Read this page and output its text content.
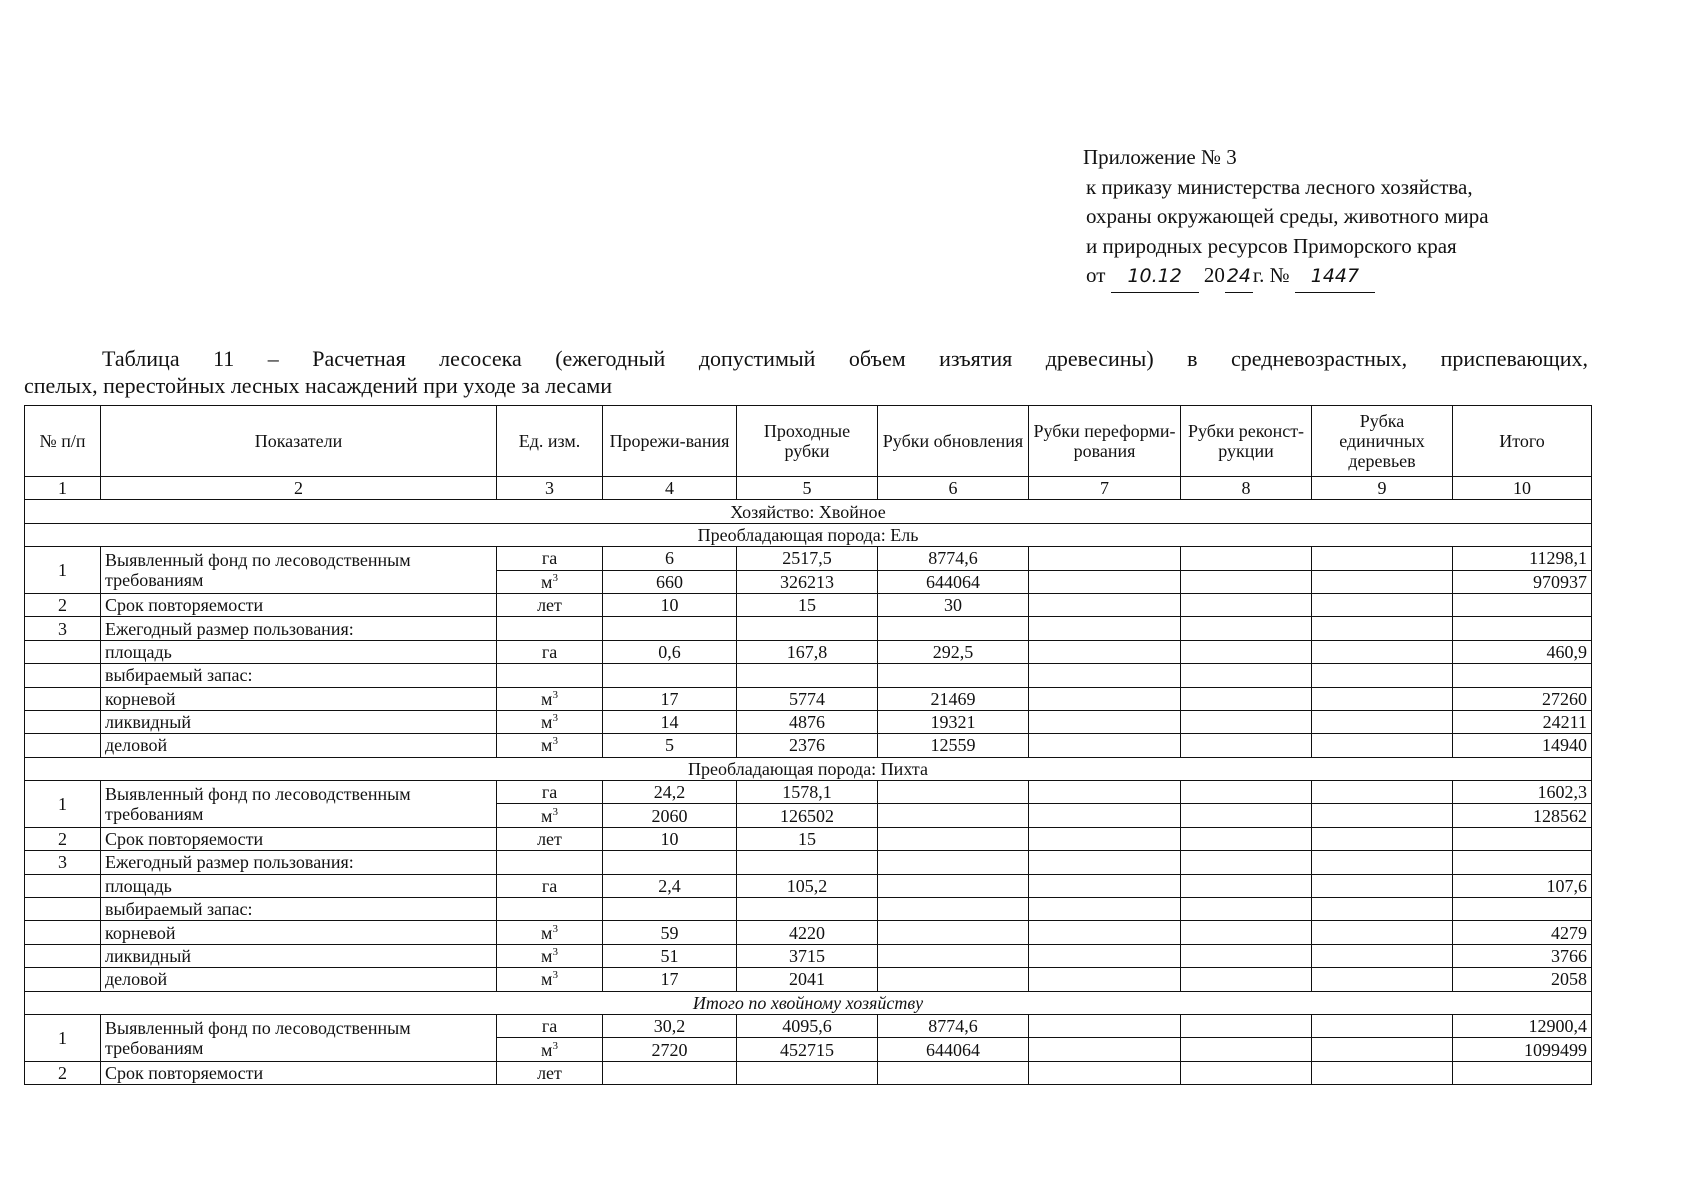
Приложение № 3
к приказу министерства лесного хозяйства,
охраны окружающей среды, животного мира
и природных ресурсов Приморского края
от 10.12 20 24г. № 1447
Таблица 11 – Расчетная лесосека (ежегодный допустимый объем изъятия древесины) в средневозрастных, приспевающих,
спелых, перестойных лесных насаждений при уходе за лесами
№ п/п	Показатели	Ед. изм.	Прорежи-вания	Проходные рубки	Рубки обновления	Рубки переформи-рования	Рубки реконст-рукции	Рубка единичных деревьев	Итого
1	2	3	4	5	6	7	8	9	10
Хозяйство: Хвойное									
Преобладающая порода: Ель									
1	Выявленный фонд по лесоводственным требованиям	га	6	2517,5	8774,6				11298,1
		$м^3$	660	326213	644064				970937
2	Срок повторяемости	лет	10	15	30				
3	Ежегодный размер пользования:								
	площадь	га	0,6	167,8	292,5				460,9
	выбираемый запас:								
	корневой	$м^3$	17	5774	21469				27260
	ликвидный	$м^3$	14	4876	19321				24211
	деловой	$м^3$	5	2376	12559				14940
Преобладающая порода: Пихта									
1	Выявленный фонд по лесоводственным требованиям	га	24,2	1578,1					1602,3
		$м^3$	2060	126502					128562
2	Срок повторяемости	лет	10	15					
3	Ежегодный размер пользования:								
	площадь	га	2,4	105,2					107,6
	выбираемый запас:								
	корневой	$м^3$	59	4220					4279
	ликвидный	$м^3$	51	3715					3766
	деловой	$м^3$	17	2041					2058
Итого по хвойному хозяйству									
1	Выявленный фонд по лесоводственным требованиям	га	30,2	4095,6	8774,6				12900,4
		$м^3$	2720	452715	644064				1099499
2	Срок повторяемости	лет							
